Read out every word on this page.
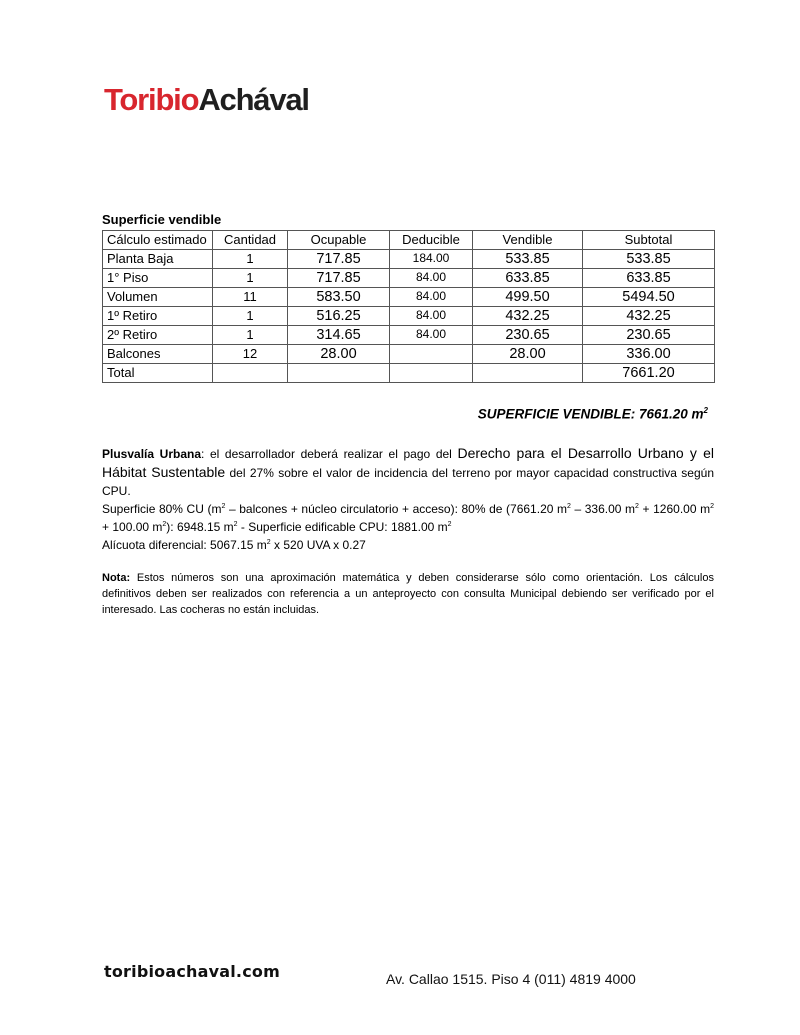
ToribioAchával
Superficie vendible
Cálculo estimado	Cantidad	Ocupable	Deducible	Vendible	Subtotal
Planta Baja	1	717.85	184.00	533.85	533.85
1° Piso	1	717.85	84.00	633.85	633.85
Volumen	11	583.50	84.00	499.50	5494.50
1º Retiro	1	516.25	84.00	432.25	432.25
2º Retiro	1	314.65	84.00	230.65	230.65
Balcones	12	28.00		28.00	336.00
Total					7661.20
SUPERFICIE VENDIBLE: 7661.20 $m^2$
Plusvalía Urbana: el desarrollador deberá realizar el pago del Derecho para el Desarrollo Urbano y el Hábitat Sustentable del 27% sobre el valor de incidencia del terreno por mayor capacidad constructiva según CPU.
Superficie 80% CU ($m^2$ – balcones + núcleo circulatorio + acceso): 80% de (7661.20 $m^2 - 336.00$ $m^2 + 1260.00$ $m^2 + 100.00$ $m^2$): 6948.15 $m^2$ - Superficie edificable CPU: 1881.00 $m^2$
Alícuota diferencial: 5067.15 $m^2$ x 520 UVA x 0.27
Nota: Estos números son una aproximación matemática y deben considerarse sólo como orientación. Los cálculos definitivos deben ser realizados con referencia a un anteproyecto con consulta Municipal debiendo ser verificado por el interesado. Las cocheras no están incluidas.
toribioachaval.com	Av. Callao 1515. Piso 4 (011) 4819 4000
